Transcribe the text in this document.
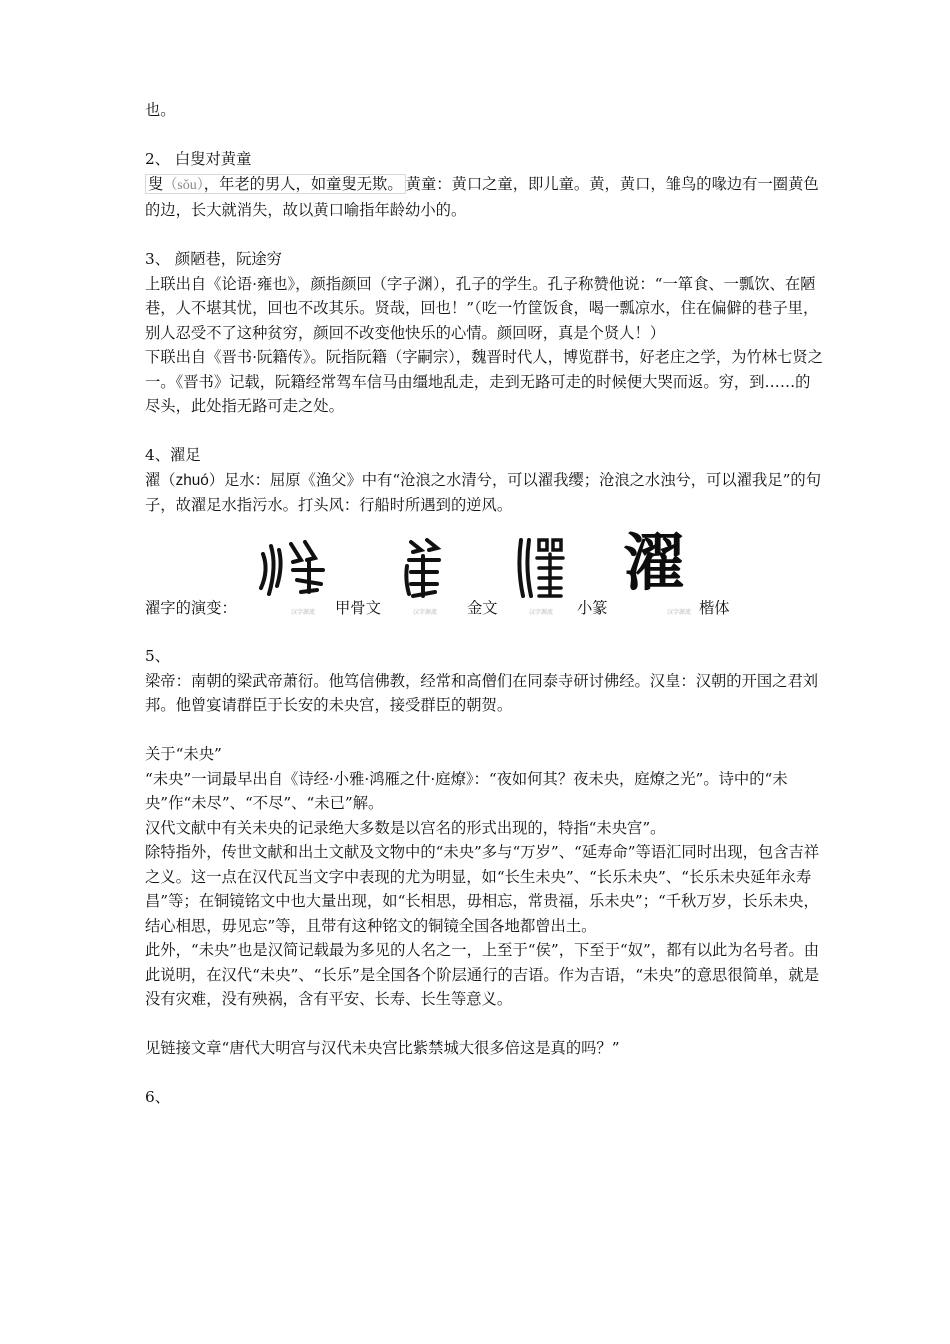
也。

2、 白叟对黄童

叟（sǒu），年老的男人，如童叟无欺。 黄童：黄口之童，即儿童。黄，黄口，雏鸟的喙边有一圈黄色的边，长大就消失，故以黄口喻指年龄幼小的。

3、 颜陋巷，阮途穷

上联出自《论语·雍也》，颜指颜回（字子渊），孔子的学生。孔子称赞他说：“一箪食、一瓢饮、在陋巷，人不堪其忧，回也不改其乐。贤哉，回也！”（吃一竹筐饭食，喝一瓢凉水，住在偏僻的巷子里，别人忍受不了这种贫穷，颜回不改变他快乐的心情。颜回呀，真是个贤人！）

下联出自《晋书·阮籍传》。阮指阮籍（字嗣宗），魏晋时代人，博览群书，好老庄之学，为竹林七贤之一。《晋书》记载，阮籍经常驾车信马由缰地乱走，走到无路可走的时候便大哭而返。穷，到……的尽头，此处指无路可走之处。

4、濯足

濯（zhuó）足水：屈原《渔父》中有“沧浪之水清兮，可以濯我缨；沧浪之水浊兮，可以濯我足”的句子，故濯足水指污水。打头风：行船时所遇到的逆风。

濯字的演变：	汉字源流 甲骨文	汉字源流 金文	汉字源流 小篆
濯
汉字源流 楷体

5、

梁帝：南朝的梁武帝萧衍。他笃信佛教，经常和高僧们在同泰寺研讨佛经。汉皇：汉朝的开国之君刘邦。他曾宴请群臣于长安的未央宫，接受群臣的朝贺。

关于“未央”

“未央”一词最早出自《诗经·小雅·鸿雁之什·庭燎》：“夜如何其？夜未央，庭燎之光”。诗中的“未央”作“未尽”、“不尽”、“未已”解。

汉代文献中有关未央的记录绝大多数是以宫名的形式出现的，特指“未央宫”。

除特指外，传世文献和出土文献及文物中的“未央”多与“万岁”、“延寿命”等语汇同时出现，包含吉祥之义。这一点在汉代瓦当文字中表现的尤为明显，如“长生未央”、“长乐未央”、“长乐未央延年永寿昌”等；在铜镜铭文中也大量出现，如“长相思，毋相忘，常贵福，乐未央”；“千秋万岁，长乐未央，结心相思，毋见忘”等，且带有这种铭文的铜镜全国各地都曾出土。

此外，“未央”也是汉简记载最为多见的人名之一，上至于“侯”，下至于“奴”，都有以此为名号者。由此说明，在汉代“未央”、“长乐”是全国各个阶层通行的吉语。作为吉语，“未央”的意思很简单，就是没有灾难，没有殃祸，含有平安、长寿、长生等意义。

见链接文章“唐代大明宫与汉代未央宫比紫禁城大很多倍这是真的吗？”

6、
